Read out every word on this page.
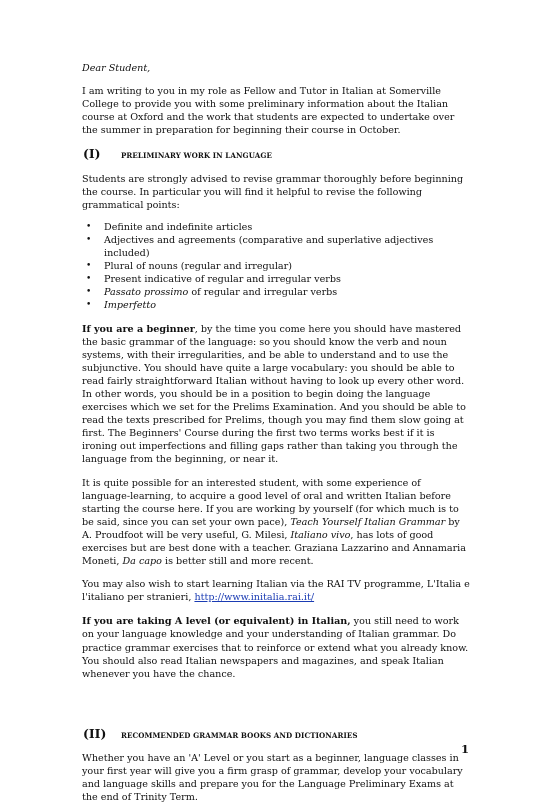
Dear Student,

I am writing to you in my role as Fellow and Tutor in Italian at Somerville College to provide you with some preliminary information about the Italian course at Oxford and the work that students are expected to undertake over the summer in preparation for beginning their course in October.

(I)	PRELIMINARY WORK IN LANGUAGE

Students are strongly advised to revise grammar thoroughly before beginning the course. In particular you will find it helpful to revise the following grammatical points:

• Definite and indefinite articles
• Adjectives and agreements (comparative and superlative adjectives included)
• Plural of nouns (regular and irregular)
• Present indicative of regular and irregular verbs
• Passato prossimo of regular and irregular verbs
• Imperfetto

If you are a beginner, by the time you come here you should have mastered the basic grammar of the language: so you should know the verb and noun systems, with their irregularities, and be able to understand and to use the subjunctive. You should have quite a large vocabulary: you should be able to read fairly straightforward Italian without having to look up every other word. In other words, you should be in a position to begin doing the language exercises which we set for the Prelims Examination. And you should be able to read the texts prescribed for Prelims, though you may find them slow going at first. The Beginners' Course during the first two terms works best if it is ironing out imperfections and filling gaps rather than taking you through the language from the beginning, or near it.

It is quite possible for an interested student, with some experience of language-learning, to acquire a good level of oral and written Italian before starting the course here. If you are working by yourself (for which much is to be said, since you can set your own pace), Teach Yourself Italian Grammar by A. Proudfoot will be very useful, G. Milesi, Italiano vivo, has lots of good exercises but are best done with a teacher. Graziana Lazzarino and Annamaria Moneti, Da capo is better still and more recent.

You may also wish to start learning Italian via the RAI TV programme, L'Italia e l'italiano per stranieri, http://www.initalia.rai.it/

If you are taking A level (or equivalent) in Italian, you still need to work on your language knowledge and your understanding of Italian grammar. Do practice grammar exercises that to reinforce or extend what you already know. You should also read Italian newspapers and magazines, and speak Italian whenever you have the chance.

(II)	RECOMMENDED GRAMMAR BOOKS AND DICTIONARIES

Whether you have an 'A' Level or you start as a beginner, language classes in your first year will give you a firm grasp of grammar, develop your vocabulary and language skills and prepare you for the Language Preliminary Exams at the end of Trinity Term.

1
